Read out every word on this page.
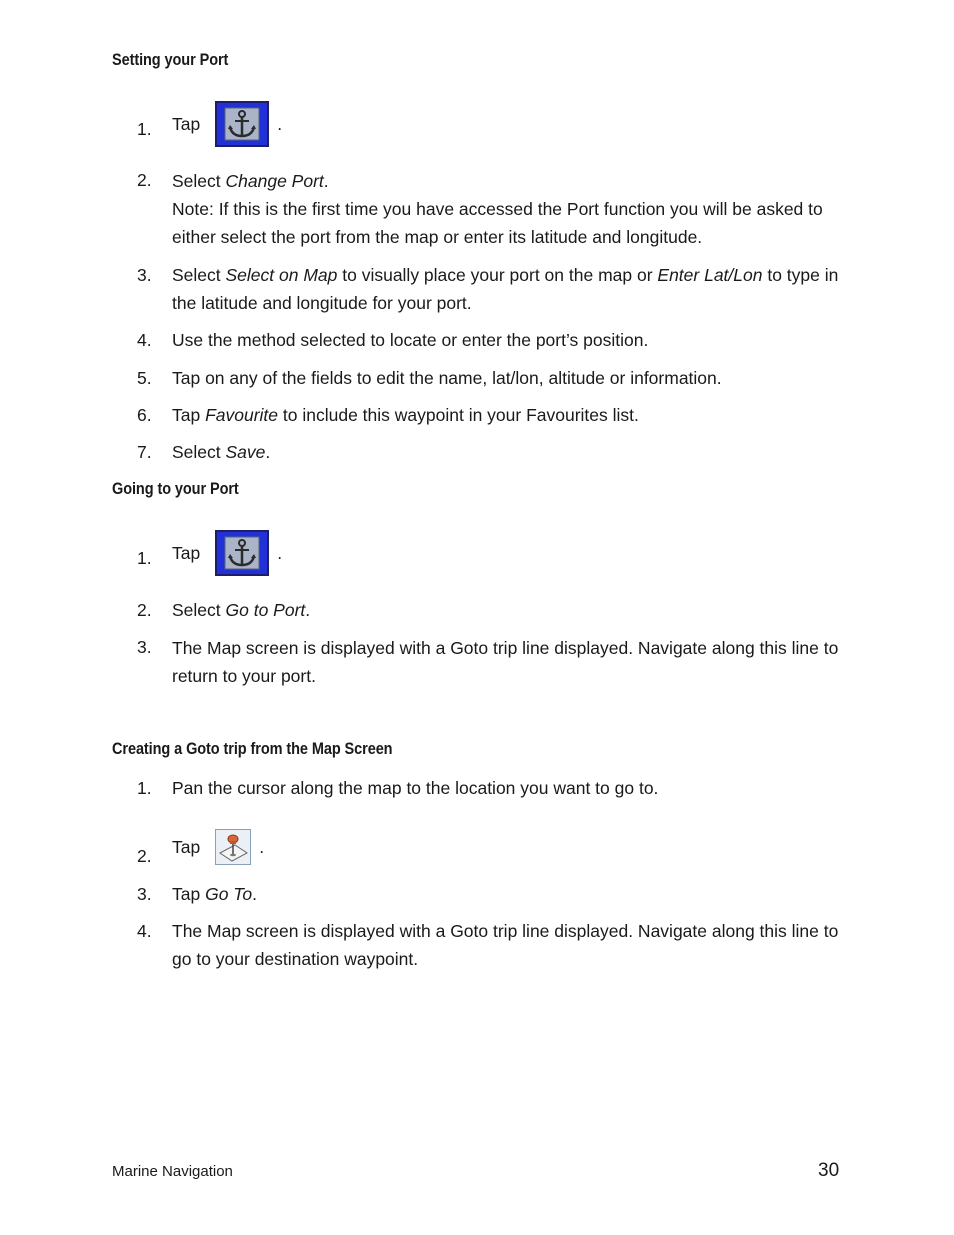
Setting your Port
1. Tap	.
2. Select Change Port.
Note: If this is the first time you have accessed the Port function you will be asked to either select the port from the map or enter its latitude and longitude.
3. Select Select on Map to visually place your port on the map or Enter Lat/Lon to type in the latitude and longitude for your port.
4. Use the method selected to locate or enter the port’s position.
5. Tap on any of the fields to edit the name, lat/lon, altitude or information.
6. Tap Favourite to include this waypoint in your Favourites list.
7. Select Save.
Going to your Port
1. Tap	.
2. Select Go to Port.
3. The Map screen is displayed with a Goto trip line displayed. Navigate along this line to return to your port.
Creating a Goto trip from the Map Screen
1. Pan the cursor along the map to the location you want to go to.
2. Tap	.
3. Tap Go To.
4. The Map screen is displayed with a Goto trip line displayed. Navigate along this line to go to your destination waypoint.
Marine Navigation	30
